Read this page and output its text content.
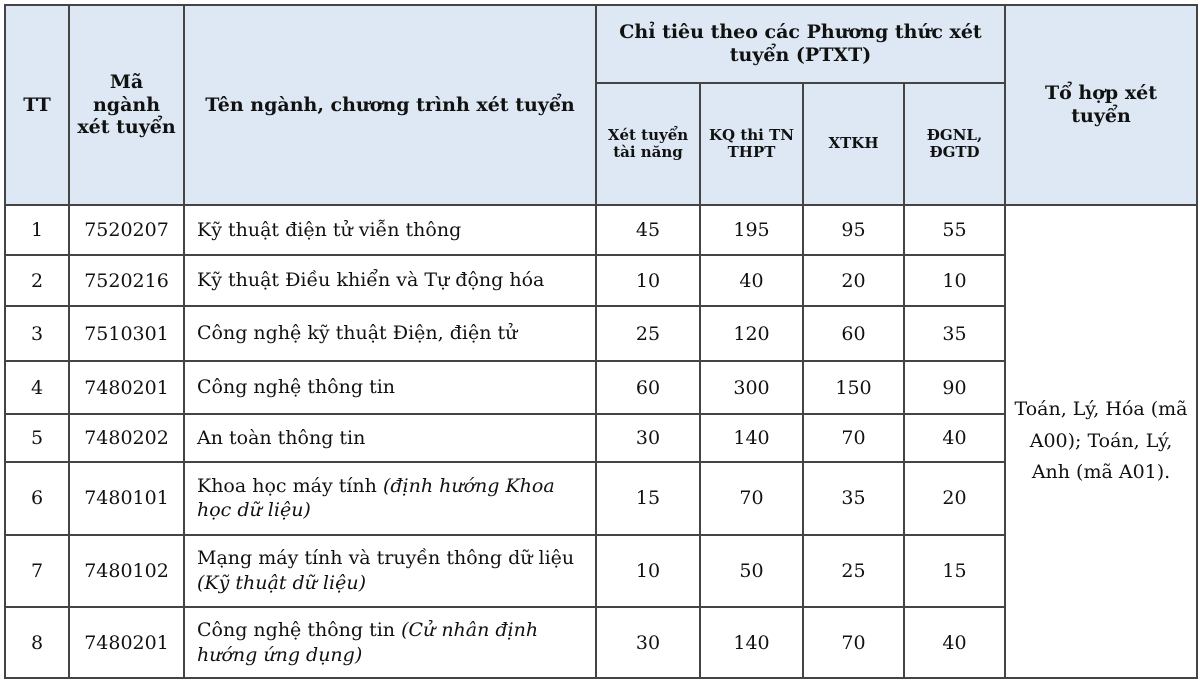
TT	Mã ngành xét tuyển	Tên ngành, chương trình xét tuyển	Chỉ tiêu theo các Phương thức xét tuyển (PTXT)				Tổ hợp xét tuyển
			Xét tuyển tài năng	KQ thi TN THPT	XTKH	ĐGNL, ĐGTD	
1	7520207	Kỹ thuật điện tử viễn thông	45	195	95	55	Toán, Lý, Hóa (mã A00); Toán, Lý, Anh (mã A01).
2	7520216	Kỹ thuật Điều khiển và Tự động hóa	10	40	20	10	
3	7510301	Công nghệ kỹ thuật Điện, điện tử	25	120	60	35	
4	7480201	Công nghệ thông tin	60	300	150	90	
5	7480202	An toàn thông tin	30	140	70	40	
6	7480101	Khoa học máy tính (định hướng Khoa học dữ liệu)	15	70	35	20	
7	7480102	Mạng máy tính và truyền thông dữ liệu (Kỹ thuật dữ liệu)	10	50	25	15	
8	7480201	Công nghệ thông tin (Cử nhân định hướng ứng dụng)	30	140	70	40	
